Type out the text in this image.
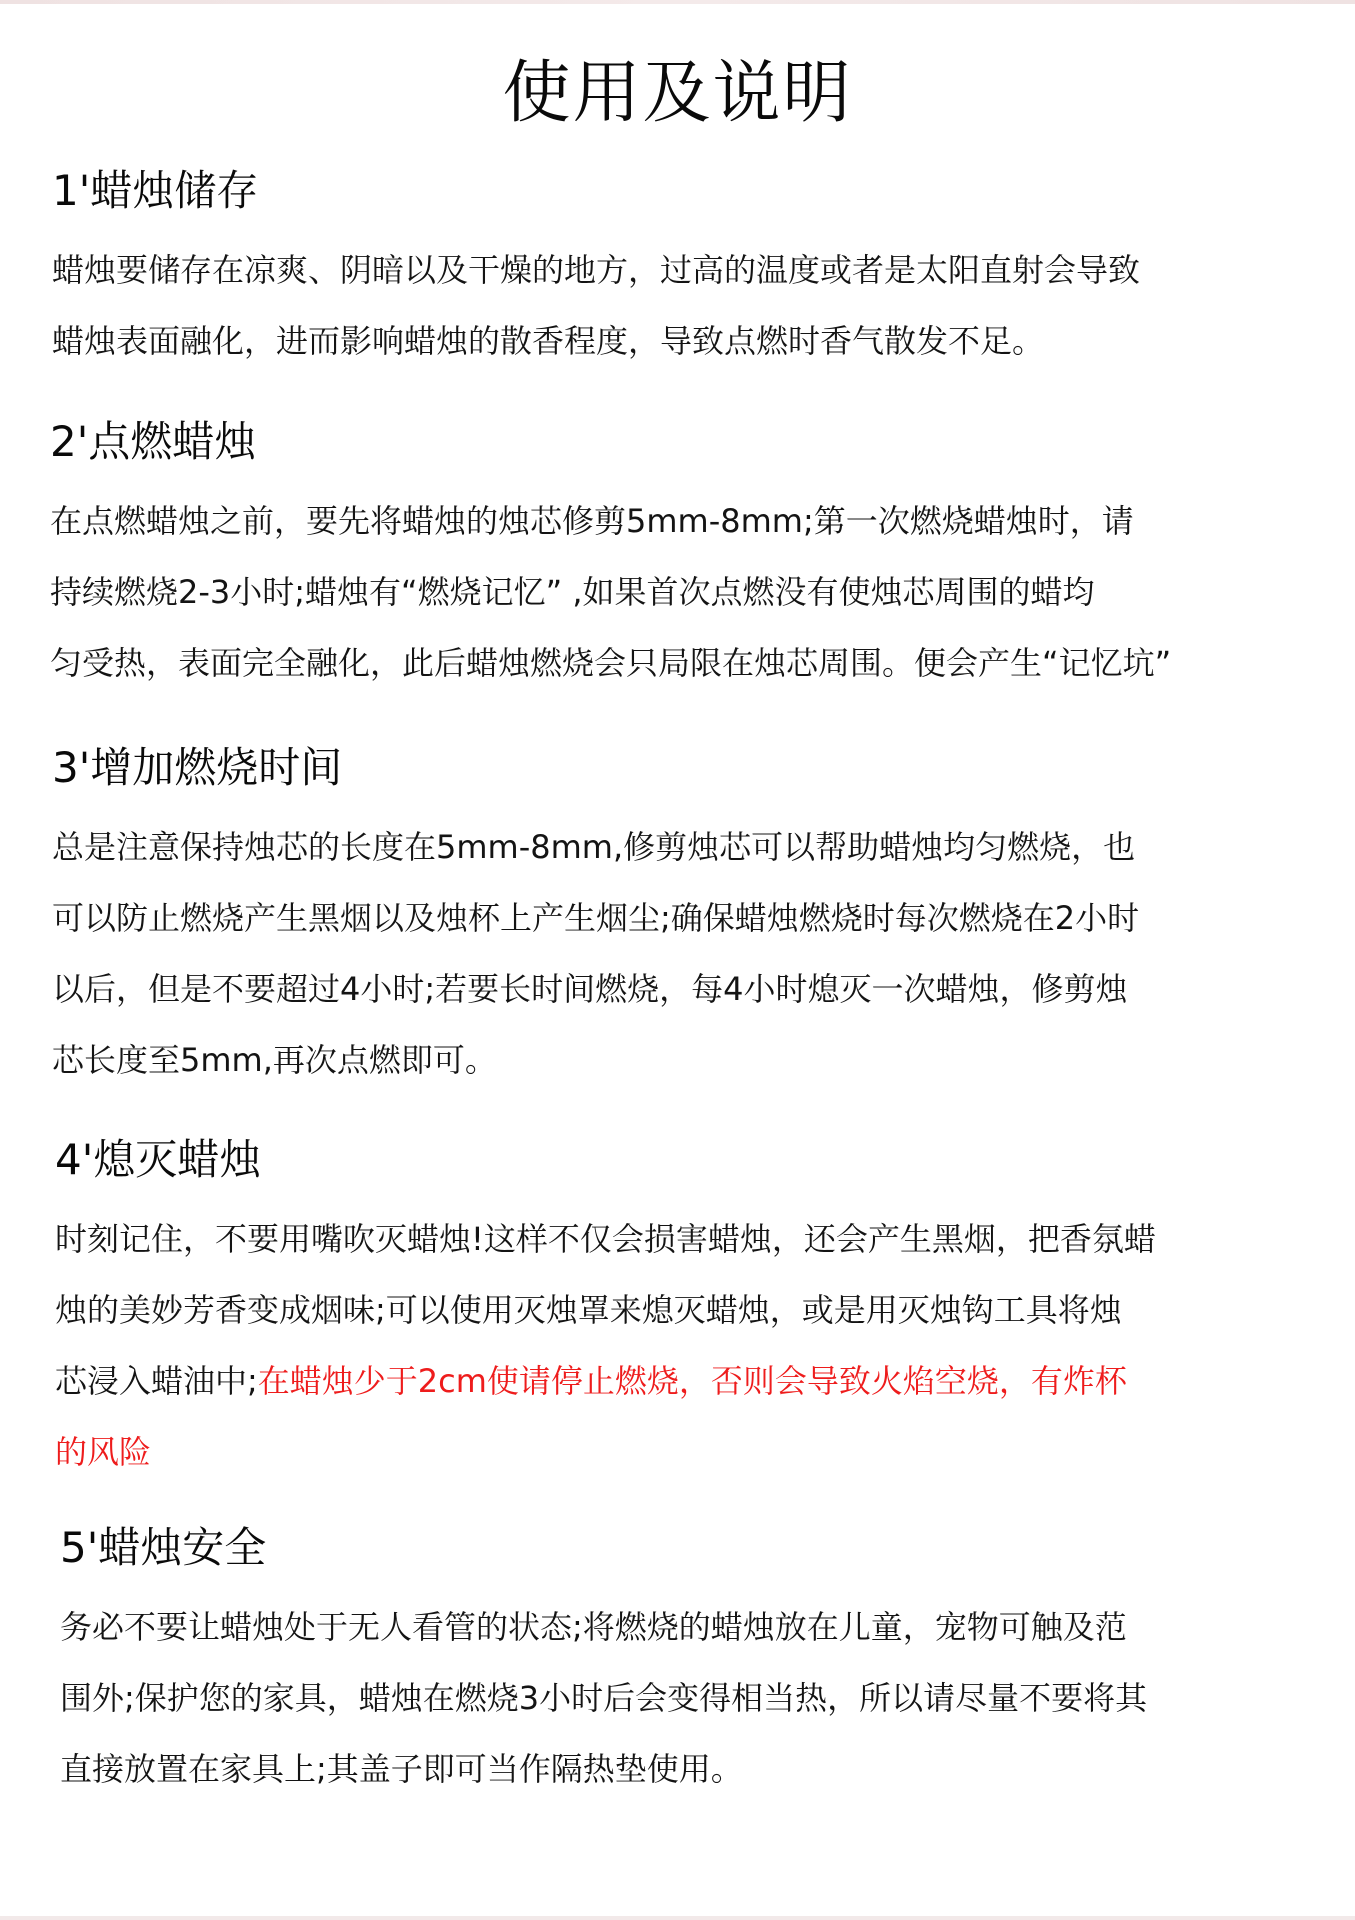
使用及说明
1'蜡烛储存
蜡烛要储存在凉爽、阴暗以及干燥的地方，过高的温度或者是太阳直射会导致
蜡烛表面融化，进而影响蜡烛的散香程度，导致点燃时香气散发不足。
2'点燃蜡烛
在点燃蜡烛之前，要先将蜡烛的烛芯修剪5mm-8mm;第一次燃烧蜡烛时，请
持续燃烧2-3小时;蜡烛有“燃烧记忆” ,如果首次点燃没有使烛芯周围的蜡均
匀受热，表面完全融化，此后蜡烛燃烧会只局限在烛芯周围。便会产生“记忆坑”
3'增加燃烧时间
总是注意保持烛芯的长度在5mm-8mm,修剪烛芯可以帮助蜡烛均匀燃烧，也
可以防止燃烧产生黑烟以及烛杯上产生烟尘;确保蜡烛燃烧时每次燃烧在2小时
以后，但是不要超过4小时;若要长时间燃烧，每4小时熄灭一次蜡烛，修剪烛
芯长度至5mm,再次点燃即可。
4'熄灭蜡烛
时刻记住，不要用嘴吹灭蜡烛!这样不仅会损害蜡烛，还会产生黑烟，把香氛蜡
烛的美妙芳香变成烟味;可以使用灭烛罩来熄灭蜡烛，或是用灭烛钩工具将烛
芯浸入蜡油中;在蜡烛少于2cm使请停止燃烧，否则会导致火焰空烧，有炸杯
的风险
5'蜡烛安全
务必不要让蜡烛处于无人看管的状态;将燃烧的蜡烛放在儿童，宠物可触及范
围外;保护您的家具，蜡烛在燃烧3小时后会变得相当热，所以请尽量不要将其
直接放置在家具上;其盖子即可当作隔热垫使用。
